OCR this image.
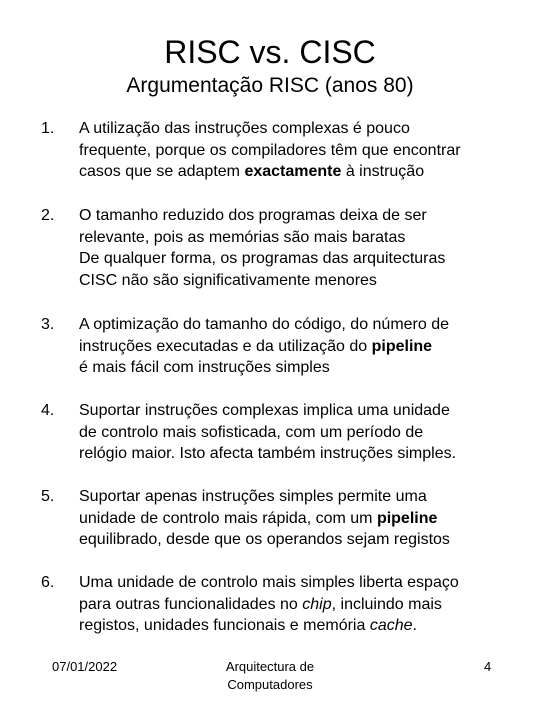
RISC vs. CISC
Argumentação RISC (anos 80)
1. A utilização das instruções complexas é pouco
frequente, porque os compiladores têm que encontrar
casos que se adaptem exactamente à instrução
2. O tamanho reduzido dos programas deixa de ser
relevante, pois as memórias são mais baratas
De qualquer forma, os programas das arquitecturas
CISC não são significativamente menores
3. A optimização do tamanho do código, do número de
instruções executadas e da utilização do pipeline
é mais fácil com instruções simples
4. Suportar instruções complexas implica uma unidade
de controlo mais sofisticada, com um período de
relógio maior. Isto afecta também instruções simples.
5. Suportar apenas instruções simples permite uma
unidade de controlo mais rápida, com um pipeline
equilibrado, desde que os operandos sejam registos
6. Uma unidade de controlo mais simples liberta espaço
para outras funcionalidades no chip, incluindo mais
registos, unidades funcionais e memória cache.
07/01/2022	Arquitectura de Computadores
4
